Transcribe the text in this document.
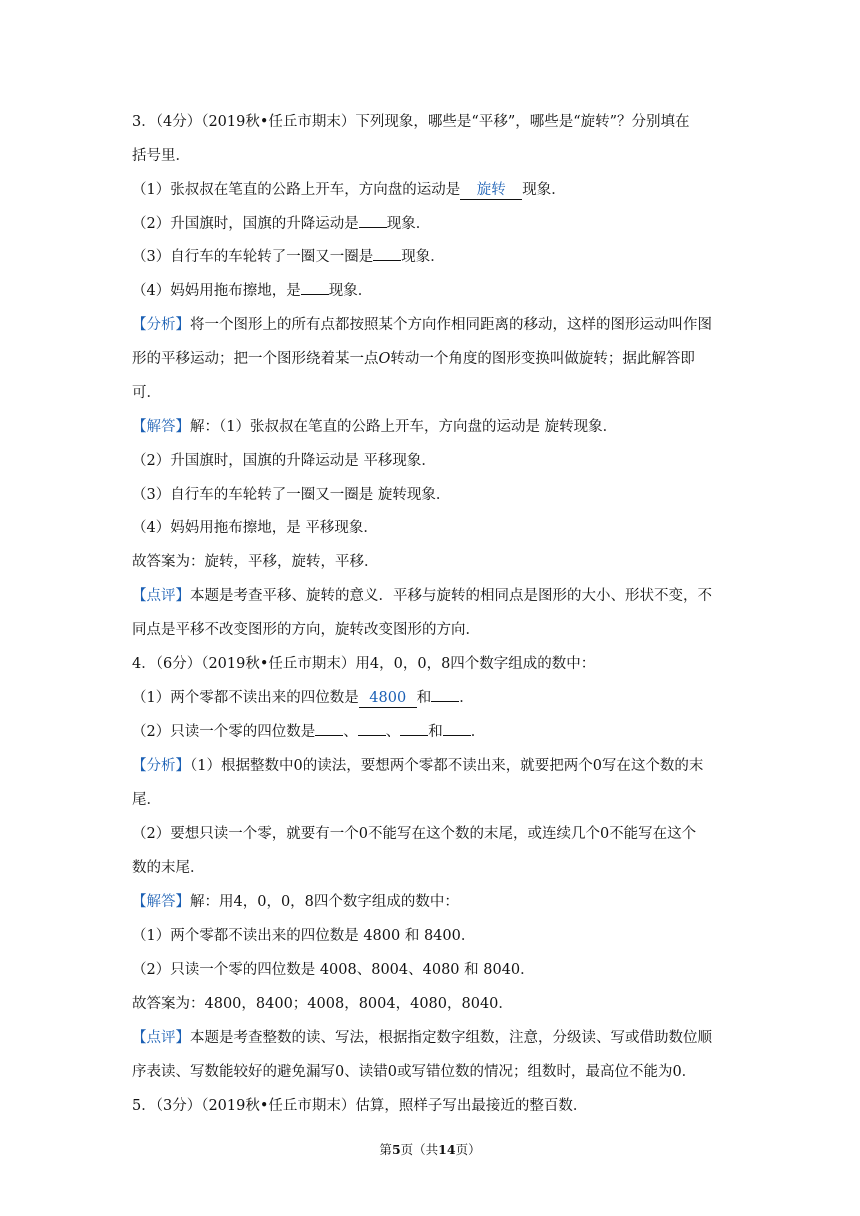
3．（4分）（2019秋•任丘市期末）下列现象，哪些是“平移”，哪些是“旋转”？分别填在
括号里．
（1）张叔叔在笔直的公路上开车，方向盘的运动是 旋转 现象．
（2）升国旗时，国旗的升降运动是 现象．
（3）自行车的车轮转了一圈又一圈是 现象．
（4）妈妈用拖布擦地，是 现象．
【分析】将一个图形上的所有点都按照某个方向作相同距离的移动，这样的图形运动叫作图
形的平移运动；把一个图形绕着某一点O转动一个角度的图形变换叫做旋转；据此解答即
可．
【解答】解：（1）张叔叔在笔直的公路上开车，方向盘的运动是 旋转现象．
（2）升国旗时，国旗的升降运动是 平移现象．
（3）自行车的车轮转了一圈又一圈是 旋转现象．
（4）妈妈用拖布擦地，是 平移现象．
故答案为：旋转，平移，旋转，平移．
【点评】本题是考查平移、旋转的意义．平移与旋转的相同点是图形的大小、形状不变，不
同点是平移不改变图形的方向，旋转改变图形的方向．
4．（6分）（2019秋•任丘市期末）用4，0，0，8四个数字组成的数中：
（1）两个零都不读出来的四位数是 4800 和 ．
（2）只读一个零的四位数是 、 、 和 ．
【分析】（1）根据整数中0的读法，要想两个零都不读出来，就要把两个0写在这个数的末
尾．
（2）要想只读一个零，就要有一个0不能写在这个数的末尾，或连续几个0不能写在这个
数的末尾．
【解答】解：用4，0，0，8四个数字组成的数中：
（1）两个零都不读出来的四位数是 4800 和 8400．
（2）只读一个零的四位数是 4008、8004、4080 和 8040．
故答案为：4800，8400；4008，8004，4080，8040．
【点评】本题是考查整数的读、写法，根据指定数字组数，注意，分级读、写或借助数位顺
序表读、写数能较好的避免漏写0、读错0或写错位数的情况；组数时，最高位不能为0．
5．（3分）（2019秋•任丘市期末）估算，照样子写出最接近的整百数．
第5页（共14页）
